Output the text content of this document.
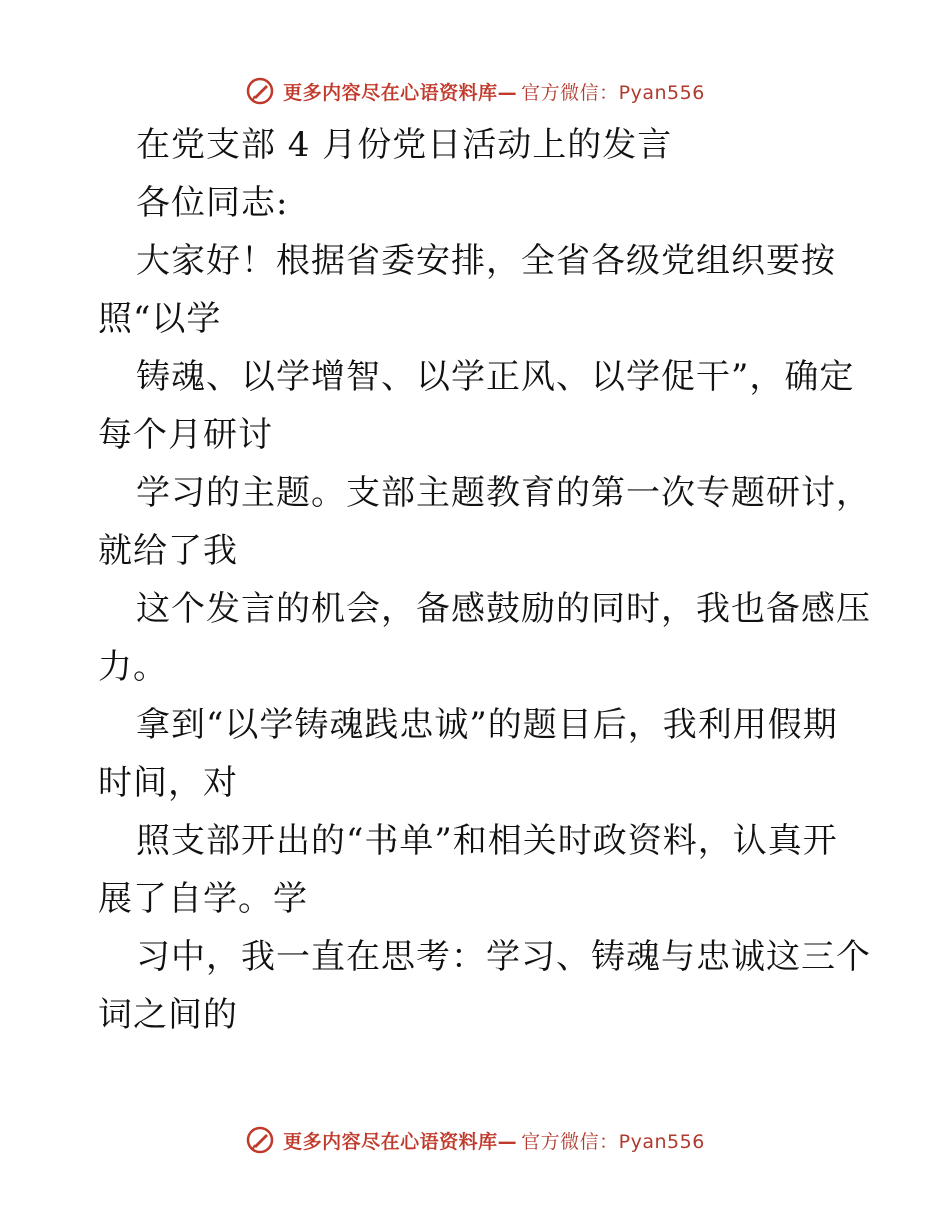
更多内容尽在心语资料库— 官方微信：Pyan556
在党支部 4 月份党日活动上的发言
各位同志:
大家好！根据省委安排，全省各级党组织要按
照“以学
铸魂、以学增智、以学正风、以学促干”，确定
每个月研讨
学习的主题。支部主题教育的第一次专题研讨，
就给了我
这个发言的机会，备感鼓励的同时，我也备感压
力。
拿到“以学铸魂践忠诚”的题目后，我利用假期
时间，对
照支部开出的“书单”和相关时政资料，认真开
展了自学。学
习中，我一直在思考：学习、铸魂与忠诚这三个
词之间的
更多内容尽在心语资料库— 官方微信：Pyan556
